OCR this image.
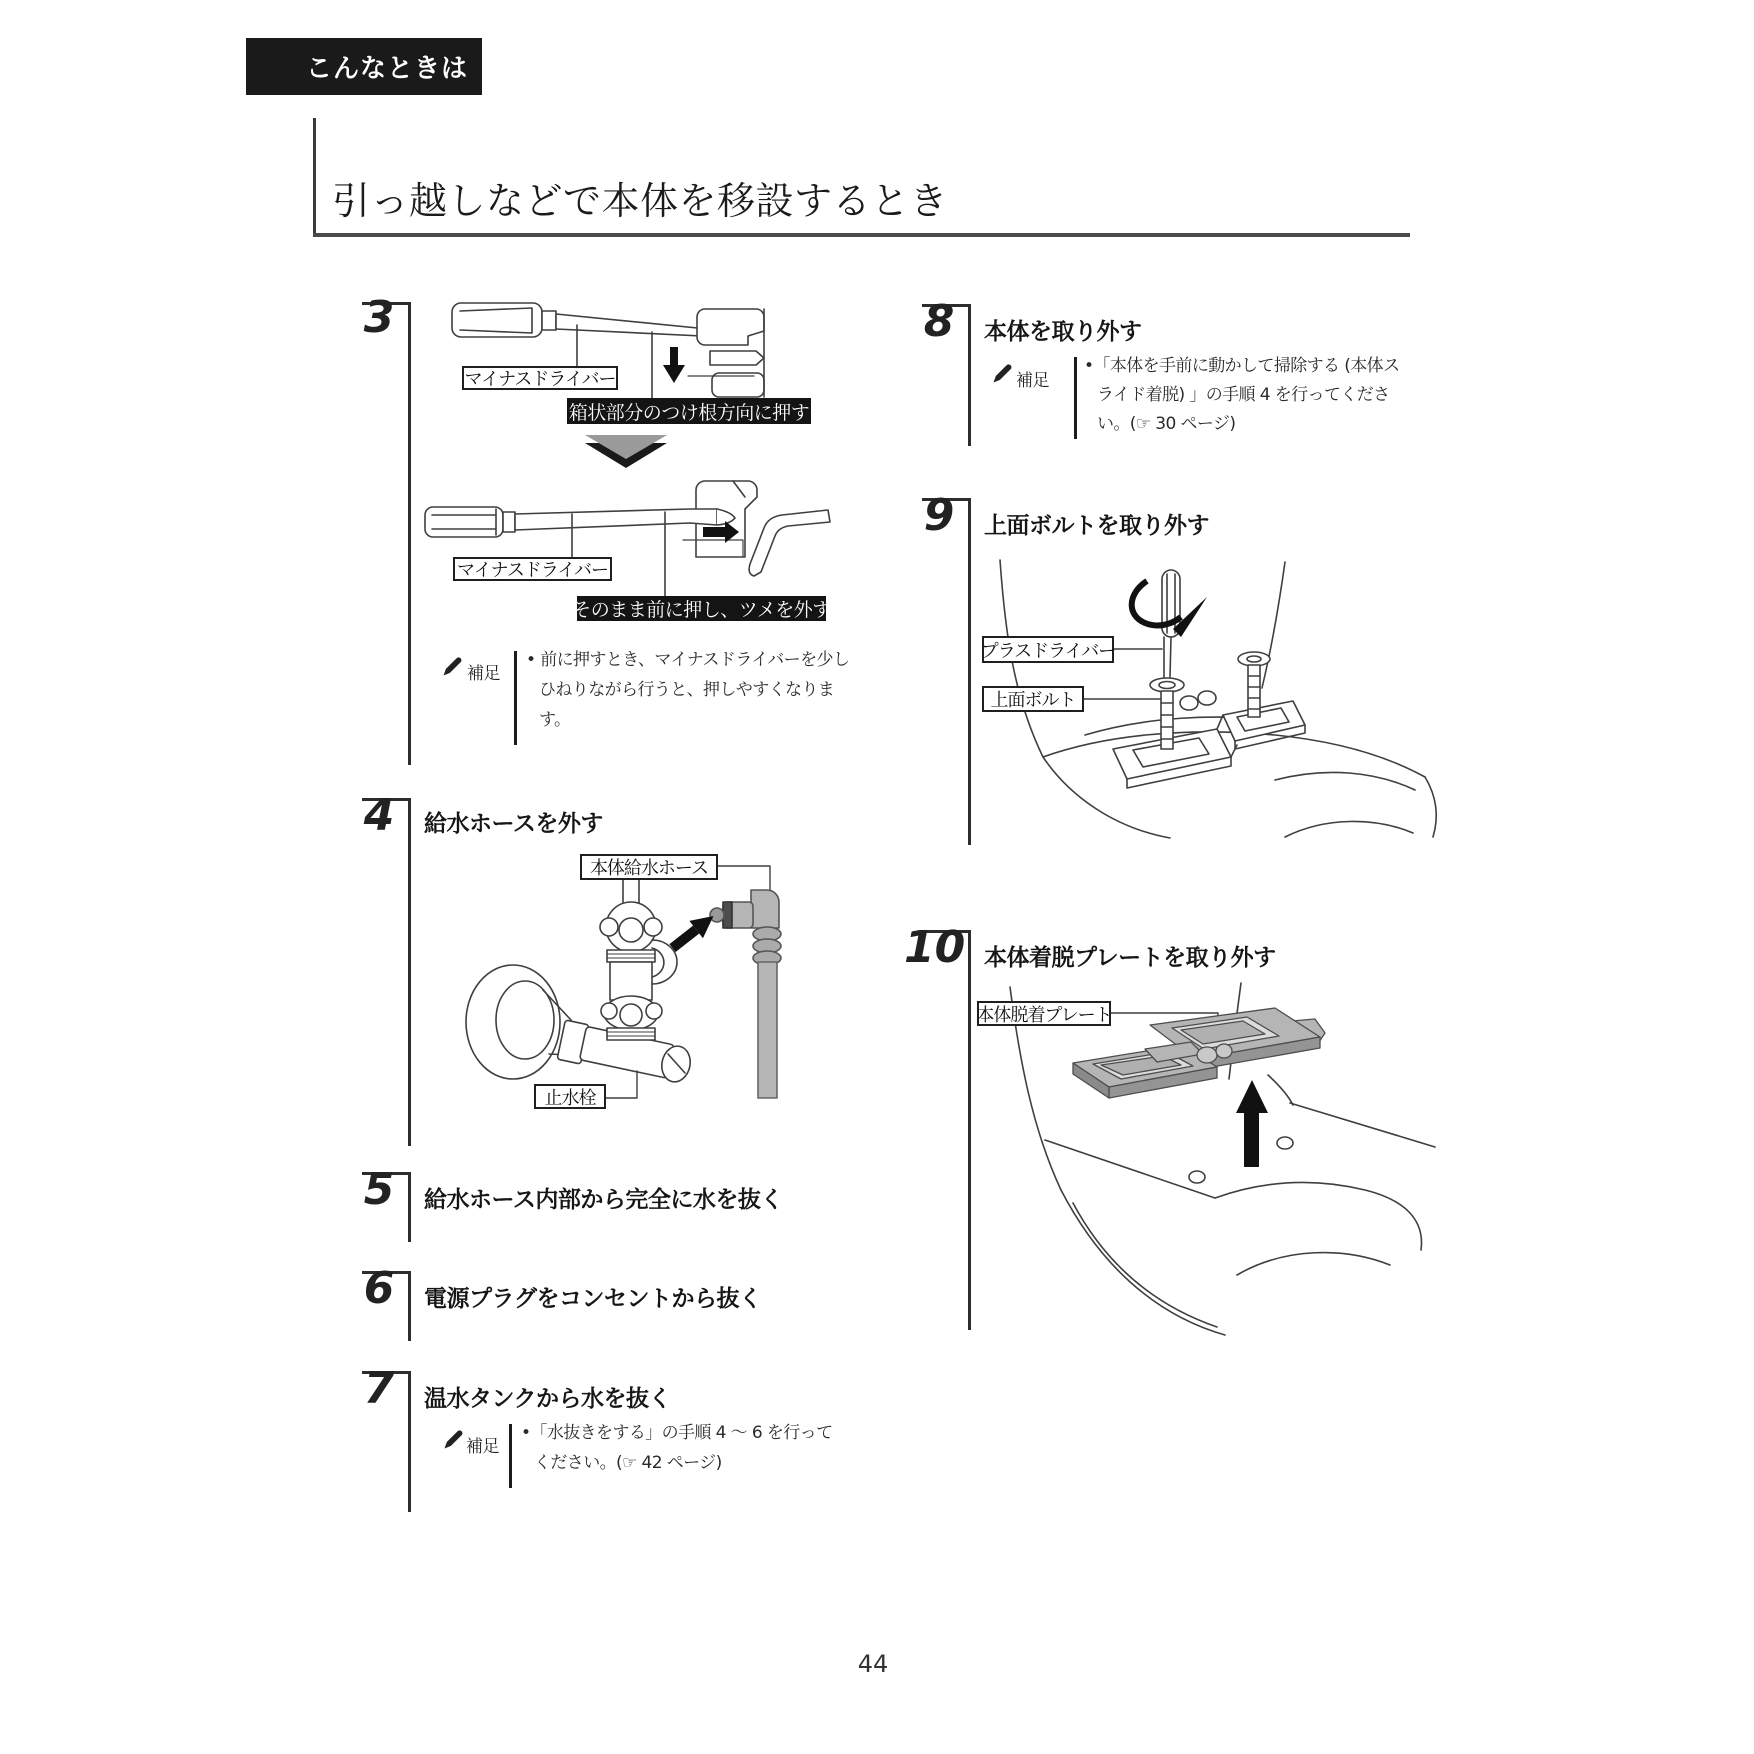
こんなときは
引っ越しなどで本体を移設するとき
3
マイナスドライバー
箱状部分のつけ根方向に押す
マイナスドライバー
そのまま前に押し、ツメを外す
補足
• 前に押すとき、マイナスドライバーを少し
ひねりながら行うと、押しやすくなりま
す。
4	給水ホースを外す
本体給水ホース
止水栓
5	給水ホース内部から完全に水を抜く
6	電源プラグをコンセントから抜く
7	温水タンクから水を抜く
補足
•「水抜きをする」の手順 4 〜 6 を行って
ください。(☞ 42 ページ)
8	本体を取り外す
補足
•「本体を手前に動かして掃除する (本体ス
ライド着脱) 」の手順 4 を行ってくださ
い。(☞ 30 ページ)
9	上面ボルトを取り外す
プラスドライバー
上面ボルト
10 本体着脱プレートを取り外す
本体脱着プレート
44
